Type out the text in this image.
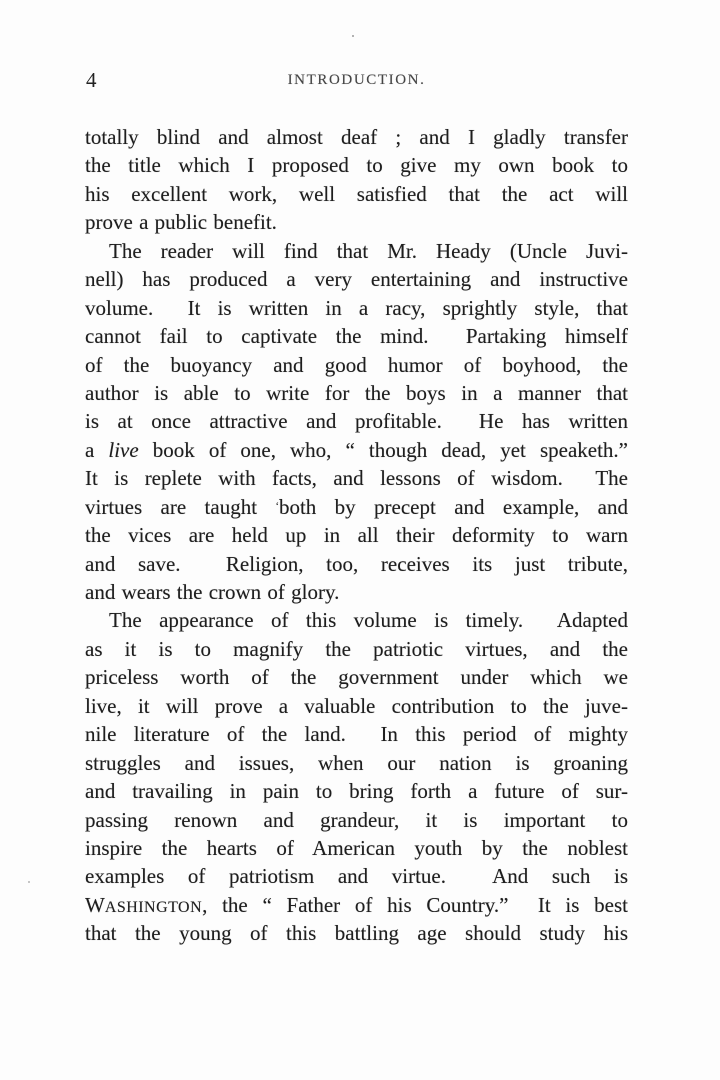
4	INTRODUCTION.
totally blind and almost deaf ; and I gladly transfer
the title which I proposed to give my own book to
his excellent work, well satisfied that the act will
prove a public benefit.
The reader will find that Mr. Heady (Uncle Juvi-
nell) has produced a very entertaining and instructive
volume.  It is written in a racy, sprightly style, that
cannot fail to captivate the mind.  Partaking himself
of the buoyancy and good humor of boyhood, the
author is able to write for the boys in a manner that
is at once attractive and profitable.  He has written
a live book of one, who, “ though dead, yet speaketh.”
It is replete with facts, and lessons of wisdom.  The
virtues are taught ‘both by precept and example, and
the vices are held up in all their deformity to warn
and save.  Religion, too, receives its just tribute,
and wears the crown of glory.
The appearance of this volume is timely.  Adapted
as it is to magnify the patriotic virtues, and the
priceless worth of the government under which we
live, it will prove a valuable contribution to the juve-
nile literature of the land.  In this period of mighty
struggles and issues, when our nation is groaning
and travailing in pain to bring forth a future of sur-
passing renown and grandeur, it is important to
inspire the hearts of American youth by the noblest
examples of patriotism and virtue.  And such is
WASHINGTON, the “ Father of his Country.”  It is best
that the young of this battling age should study his
